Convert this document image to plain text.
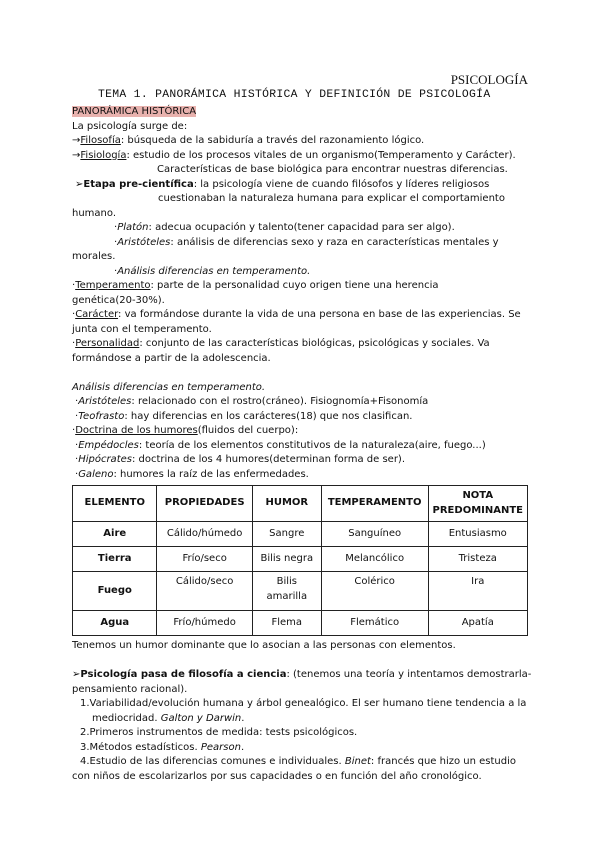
PSICOLOGÍA
TEMA 1. PANORÁMICA HISTÓRICA Y DEFINICIÓN DE PSICOLOGÍA
PANORÁMICA HISTÓRICA
La psicología surge de:
→Filosofía: búsqueda de la sabiduría a través del razonamiento lógico.
→Fisiología: estudio de los procesos vitales de un organismo(Temperamento y Carácter).
Características de base biológica para encontrar nuestras diferencias.
➢Etapa pre-científica: la psicología viene de cuando filósofos y líderes religiosos
cuestionaban la naturaleza humana para explicar el comportamiento
humano.
·Platón: adecua ocupación y talento(tener capacidad para ser algo).
·Aristóteles: análisis de diferencias sexo y raza en características mentales y
morales.
·Análisis diferencias en temperamento.
·Temperamento: parte de la personalidad cuyo origen tiene una herencia
genética(20-30%).
·Carácter: va formándose durante la vida de una persona en base de las experiencias. Se
junta con el temperamento.
·Personalidad: conjunto de las características biológicas, psicológicas y sociales. Va
formándose a partir de la adolescencia.
Análisis diferencias en temperamento.
·Aristóteles: relacionado con el rostro(cráneo). Fisiognomía+Fisonomía
·Teofrasto: hay diferencias en los carácteres(18) que nos clasifican.
·Doctrina de los humores(fluidos del cuerpo):
·Empédocles: teoría de los elementos constitutivos de la naturaleza(aire, fuego...)
·Hipócrates: doctrina de los 4 humores(determinan forma de ser).
·Galeno: humores la raíz de las enfermedades.
ELEMENTO	PROPIEDADES	HUMOR	TEMPERAMENTO	NOTA PREDOMINANTE
Aire	Cálido/húmedo	Sangre	Sanguíneo	Entusiasmo
Tierra	Frío/seco	Bilis negra	Melancólico	Tristeza
Fuego	Cálido/seco	Bilis amarilla	Colérico	Ira
Agua	Frío/húmedo	Flema	Flemático	Apatía
Tenemos un humor dominante que lo asocian a las personas con elementos.
➢Psicología pasa de filosofía a ciencia: (tenemos una teoría y intentamos demostrarla-
pensamiento racional).
1.Variabilidad/evolución humana y árbol genealógico. El ser humano tiene tendencia a la
mediocridad. Galton y Darwin.
2.Primeros instrumentos de medida: tests psicológicos.
3.Métodos estadísticos. Pearson.
4.Estudio de las diferencias comunes e individuales. Binet: francés que hizo un estudio
con niños de escolarizarlos por sus capacidades o en función del año cronológico.
